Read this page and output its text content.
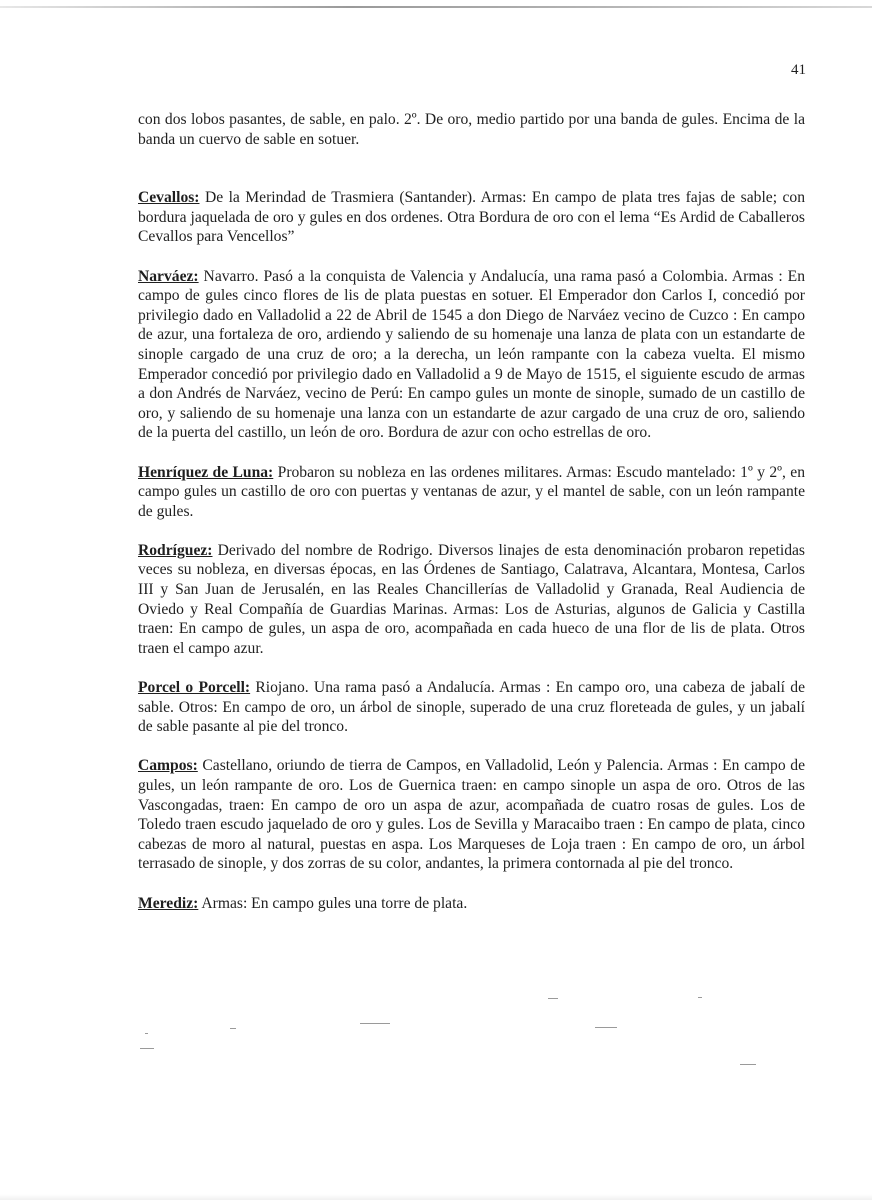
41

con dos lobos pasantes, de sable, en palo. 2º. De oro, medio partido por una banda de gules. Encima de la banda un cuervo de sable en sotuer.

Cevallos: De la Merindad de Trasmiera (Santander). Armas: En campo de plata tres fajas de sable; con bordura jaquelada de oro y gules en dos ordenes. Otra Bordura de oro con el lema “Es Ardid de Caballeros Cevallos para Vencellos”

Narváez: Navarro. Pasó a la conquista de Valencia y Andalucía, una rama pasó a Colombia. Armas : En campo de gules cinco flores de lis de plata puestas en sotuer. El Emperador don Carlos I, concedió por privilegio dado en Valladolid a 22 de Abril de 1545 a don Diego de Narváez vecino de Cuzco : En campo de azur, una fortaleza de oro, ardiendo y saliendo de su homenaje una lanza de plata con un estandarte de sinople cargado de una cruz de oro; a la derecha, un león rampante con la cabeza vuelta. El mismo Emperador concedió por privilegio dado en Valladolid a 9 de Mayo de 1515, el siguiente escudo de armas a don Andrés de Narváez, vecino de Perú: En campo gules un monte de sinople, sumado de un castillo de oro, y saliendo de su homenaje una lanza con un estandarte de azur cargado de una cruz de oro, saliendo de la puerta del castillo, un león de oro. Bordura de azur con ocho estrellas de oro.

Henríquez de Luna: Probaron su nobleza en las ordenes militares. Armas: Escudo mantelado: 1º y 2º, en campo gules un castillo de oro con puertas y ventanas de azur, y el mantel de sable, con un león rampante de gules.

Rodríguez: Derivado del nombre de Rodrigo. Diversos linajes de esta denominación probaron repetidas veces su nobleza, en diversas épocas, en las Órdenes de Santiago, Calatrava, Alcantara, Montesa, Carlos III y San Juan de Jerusalén, en las Reales Chancillerías de Valladolid y Granada, Real Audiencia de Oviedo y Real Compañía de Guardias Marinas. Armas: Los de Asturias, algunos de Galicia y Castilla traen: En campo de gules, un aspa de oro, acompañada en cada hueco de una flor de lis de plata. Otros traen el campo azur.

Porcel o Porcell: Riojano. Una rama pasó a Andalucía. Armas : En campo oro, una cabeza de jabalí de sable. Otros: En campo de oro, un árbol de sinople, superado de una cruz floreteada de gules, y un jabalí de sable pasante al pie del tronco.

Campos: Castellano, oriundo de tierra de Campos, en Valladolid, León y Palencia. Armas : En campo de gules, un león rampante de oro. Los de Guernica traen: en campo sinople un aspa de oro. Otros de las Vascongadas, traen: En campo de oro un aspa de azur, acompañada de cuatro rosas de gules. Los de Toledo traen escudo jaquelado de oro y gules. Los de Sevilla y Maracaibo traen : En campo de plata, cinco cabezas de moro al natural, puestas en aspa. Los Marqueses de Loja traen : En campo de oro, un árbol terrasado de sinople, y dos zorras de su color, andantes, la primera contornada al pie del tronco.

Merediz: Armas: En campo gules una torre de plata.
